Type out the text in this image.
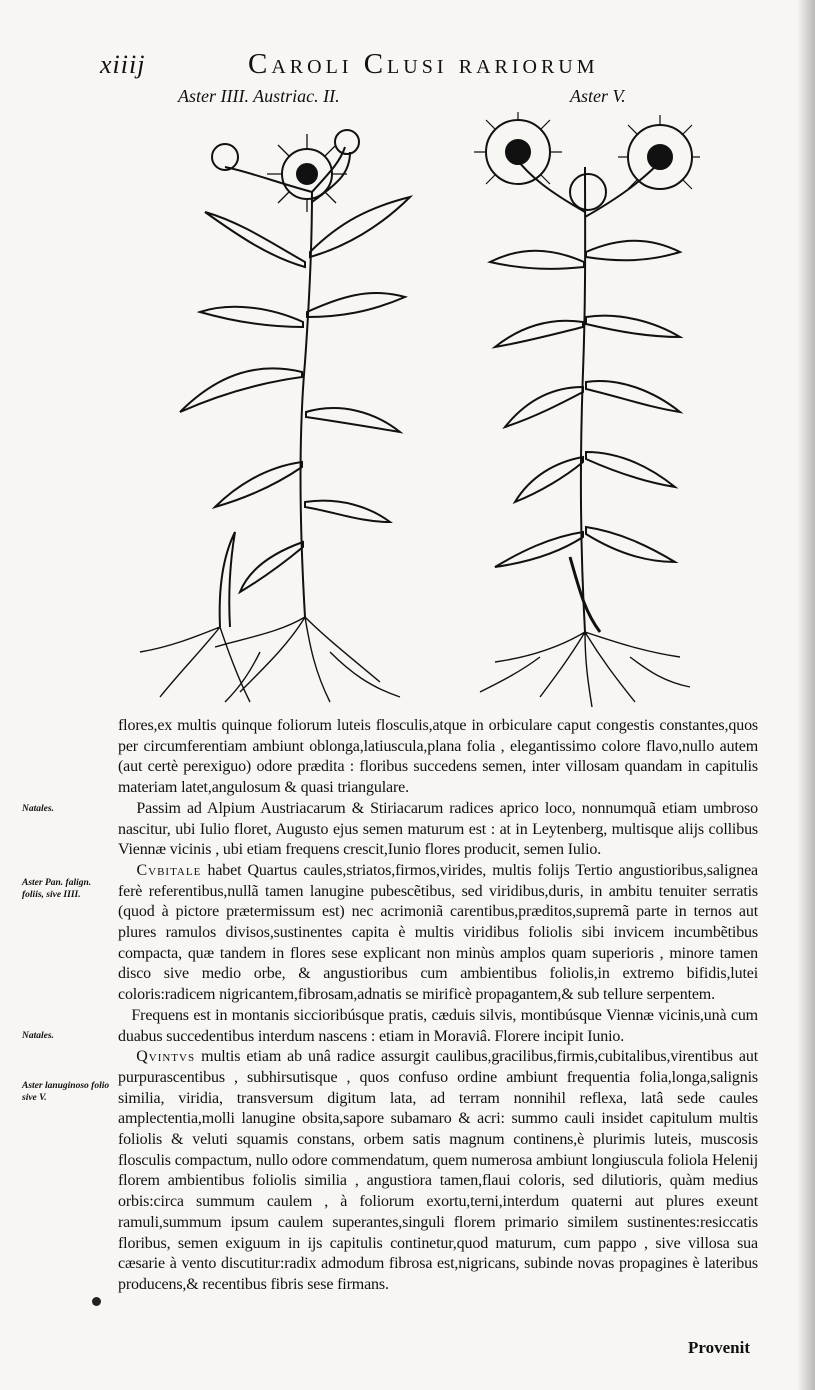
xiiij	Caroli Clusi rariorum
Aster IIII. Austriac. II.	Aster V.
Natales.
Aster Pan. falign. foliis, sive IIII.
Natales.
Aster lanuginoso folio sive V.

flores,ex multis quinque foliorum luteis flosculis,atque in orbiculare caput congestis constantes,quos per circumferentiam ambiunt oblonga,latiuscula,plana folia , elegantissimo colore flavo,nullo autem (aut certè perexiguo) odore prædita : floribus succedens semen, inter villosam quandam in capitulis materiam latet,angulosum & quasi triangulare.

Passim ad Alpium Austriacarum & Stiriacarum radices aprico loco, nonnumquã etiam umbroso nascitur, ubi Iulio floret, Augusto ejus semen maturum est : at in Leytenberg, multisque alijs collibus Viennæ vicinis , ubi etiam frequens crescit,Iunio flores producit, semen Iulio.

Cvbitale habet Quartus caules,striatos,firmos,virides, multis folijs Tertio angustioribus,salignea ferè referentibus,nullã tamen lanugine pubescẽtibus, sed viridibus,duris, in ambitu tenuiter serratis (quod à pictore prætermissum est) nec acrimoniã carentibus,præditos,supremã parte in ternos aut plures ramulos divisos,sustinentes capita è multis viridibus foliolis sibi invicem incumbẽtibus compacta, quæ tandem in flores sese explicant non minùs amplos quam superioris , minore tamen disco sive medio orbe, & angustioribus cum ambientibus foliolis,in extremo bifidis,lutei coloris:radicem nigricantem,fibrosam,adnatis se mirificè propagantem,& sub tellure serpentem.

Frequens est in montanis siccioribúsque pratis, cæduis silvis, montibúsque Viennæ vicinis,unà cum duabus succedentibus interdum nascens : etiam in Moraviâ. Florere incipit Iunio.

Qvintvs multis etiam ab unâ radice assurgit caulibus,gracilibus,firmis,cubitalibus,virentibus aut purpurascentibus , subhirsutisque , quos confuso ordine ambiunt frequentia folia,longa,salignis similia, viridia, transversum digitum lata, ad terram nonnihil reflexa, latâ sede caules amplectentia,molli lanugine obsita,sapore subamaro & acri: summo cauli insidet capitulum multis foliolis & veluti squamis constans, orbem satis magnum continens,è plurimis luteis, muscosis flosculis compactum, nullo odore commendatum, quem numerosa ambiunt longiuscula foliola Helenij florem ambientibus foliolis similia , angustiora tamen,flaui coloris, sed dilutioris, quàm medius orbis:circa summum caulem , à foliorum exortu,terni,interdum quaterni aut plures exeunt ramuli,summum ipsum caulem superantes,singuli florem primario similem sustinentes:resiccatis floribus, semen exiguum in ijs capitulis continetur,quod maturum, cum pappo , sive villosa sua cæsarie à vento discutitur:radix admodum fibrosa est,nigricans, subinde novas propagines è lateribus producens,& recentibus fibris sese firmans.

Provenit
